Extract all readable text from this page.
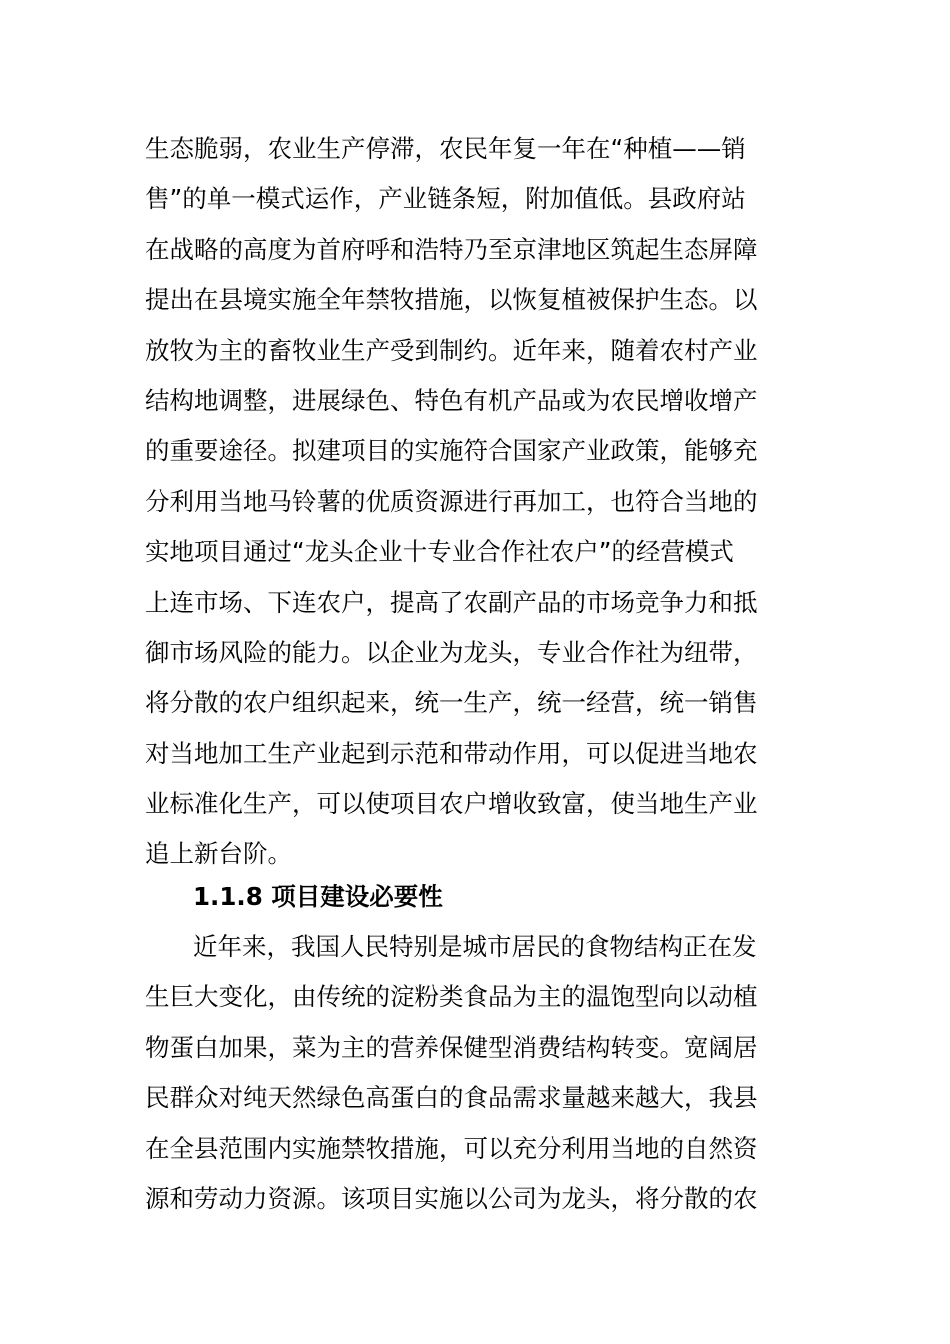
生态脆弱，农业生产停滞，农民年复一年在“种植——销
售”的单一模式运作，产业链条短，附加值低。县政府站
在战略的高度为首府呼和浩特乃至京津地区筑起生态屏障
提出在县境实施全年禁牧措施，以恢复植被保护生态。以
放牧为主的畜牧业生产受到制约。近年来，随着农村产业
结构地调整，进展绿色、特色有机产品或为农民增收增产
的重要途径。拟建项目的实施符合国家产业政策，能够充
分利用当地马铃薯的优质资源进行再加工，也符合当地的
实地项目通过“龙头企业十专业合作社农户”的经营模式
上连市场、下连农户，提高了农副产品的市场竞争力和抵
御市场风险的能力。以企业为龙头，专业合作社为纽带，
将分散的农户组织起来，统一生产，统一经营，统一销售
对当地加工生产业起到示范和带动作用，可以促进当地农
业标准化生产，可以使项目农户增收致富，使当地生产业
追上新台阶。
1.1.8 项目建设必要性
近年来，我国人民特别是城市居民的食物结构正在发
生巨大变化，由传统的淀粉类食品为主的温饱型向以动植
物蛋白加果，菜为主的营养保健型消费结构转变。宽阔居
民群众对纯天然绿色高蛋白的食品需求量越来越大，我县
在全县范围内实施禁牧措施，可以充分利用当地的自然资
源和劳动力资源。该项目实施以公司为龙头，将分散的农
